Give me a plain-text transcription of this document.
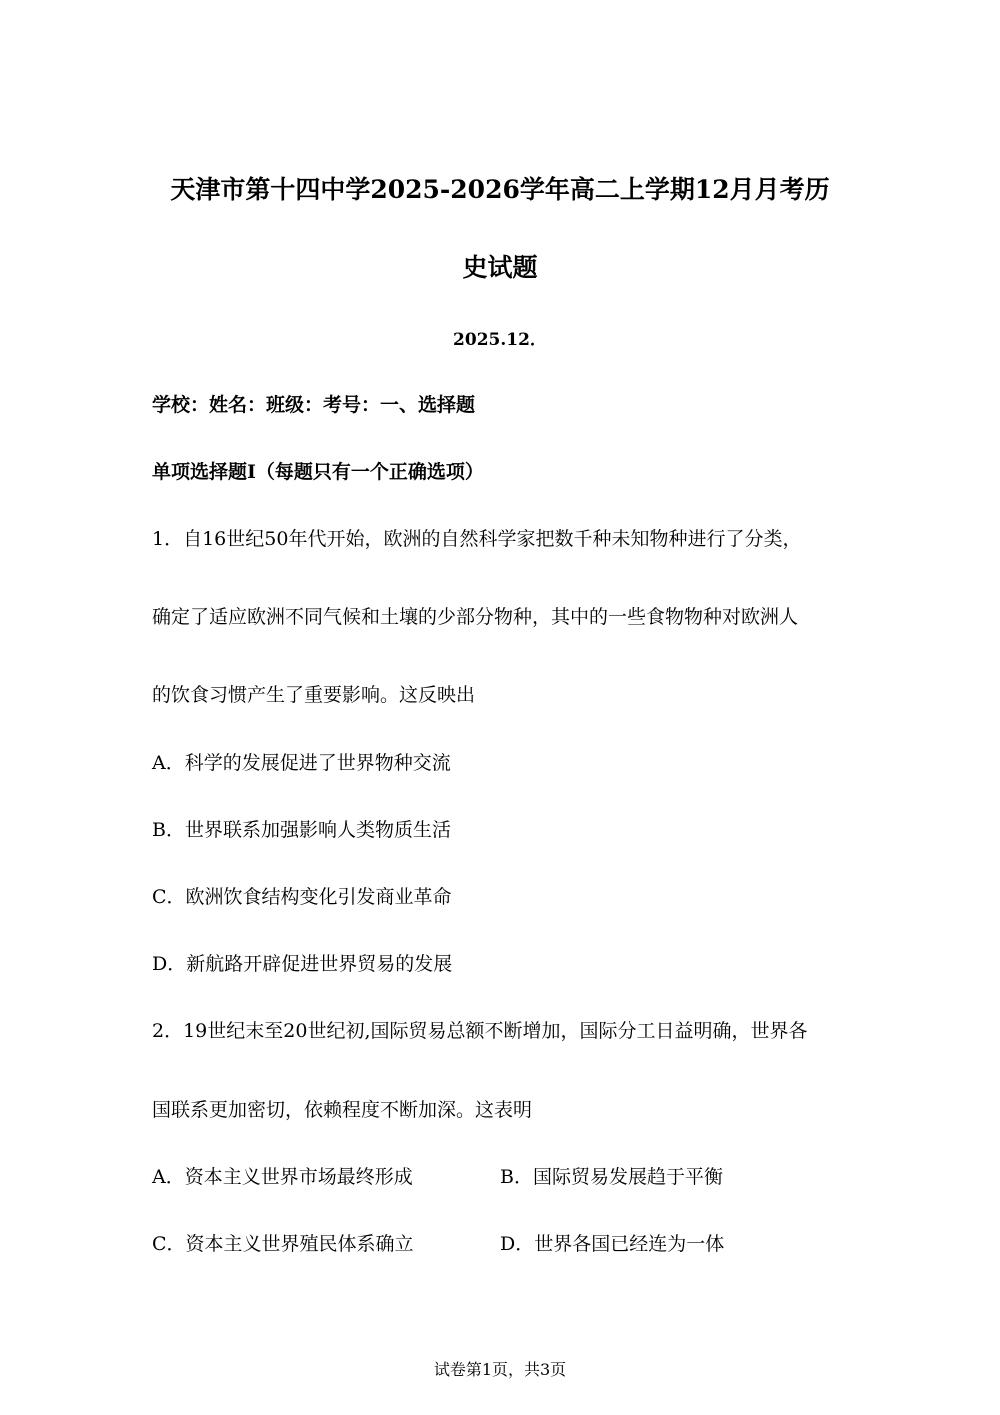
天津市第十四中学2025-2026学年高二上学期12月月考历
史试题
2025.12．
学校：姓名：班级：考号：一、选择题
单项选择题Ⅰ（每题只有一个正确选项）
1．自16世纪50年代开始，欧洲的自然科学家把数千种未知物种进行了分类，
确定了适应欧洲不同气候和土壤的少部分物种，其中的一些食物物种对欧洲人
的饮食习惯产生了重要影响。这反映出
A．科学的发展促进了世界物种交流
B．世界联系加强影响人类物质生活
C．欧洲饮食结构变化引发商业革命
D．新航路开辟促进世界贸易的发展
2．19世纪末至20世纪初,国际贸易总额不断增加，国际分工日益明确，世界各
国联系更加密切，依赖程度不断加深。这表明
A．资本主义世界市场最终形成	B．国际贸易发展趋于平衡
C．资本主义世界殖民体系确立	D．世界各国已经连为一体
试卷第1页，共3页
